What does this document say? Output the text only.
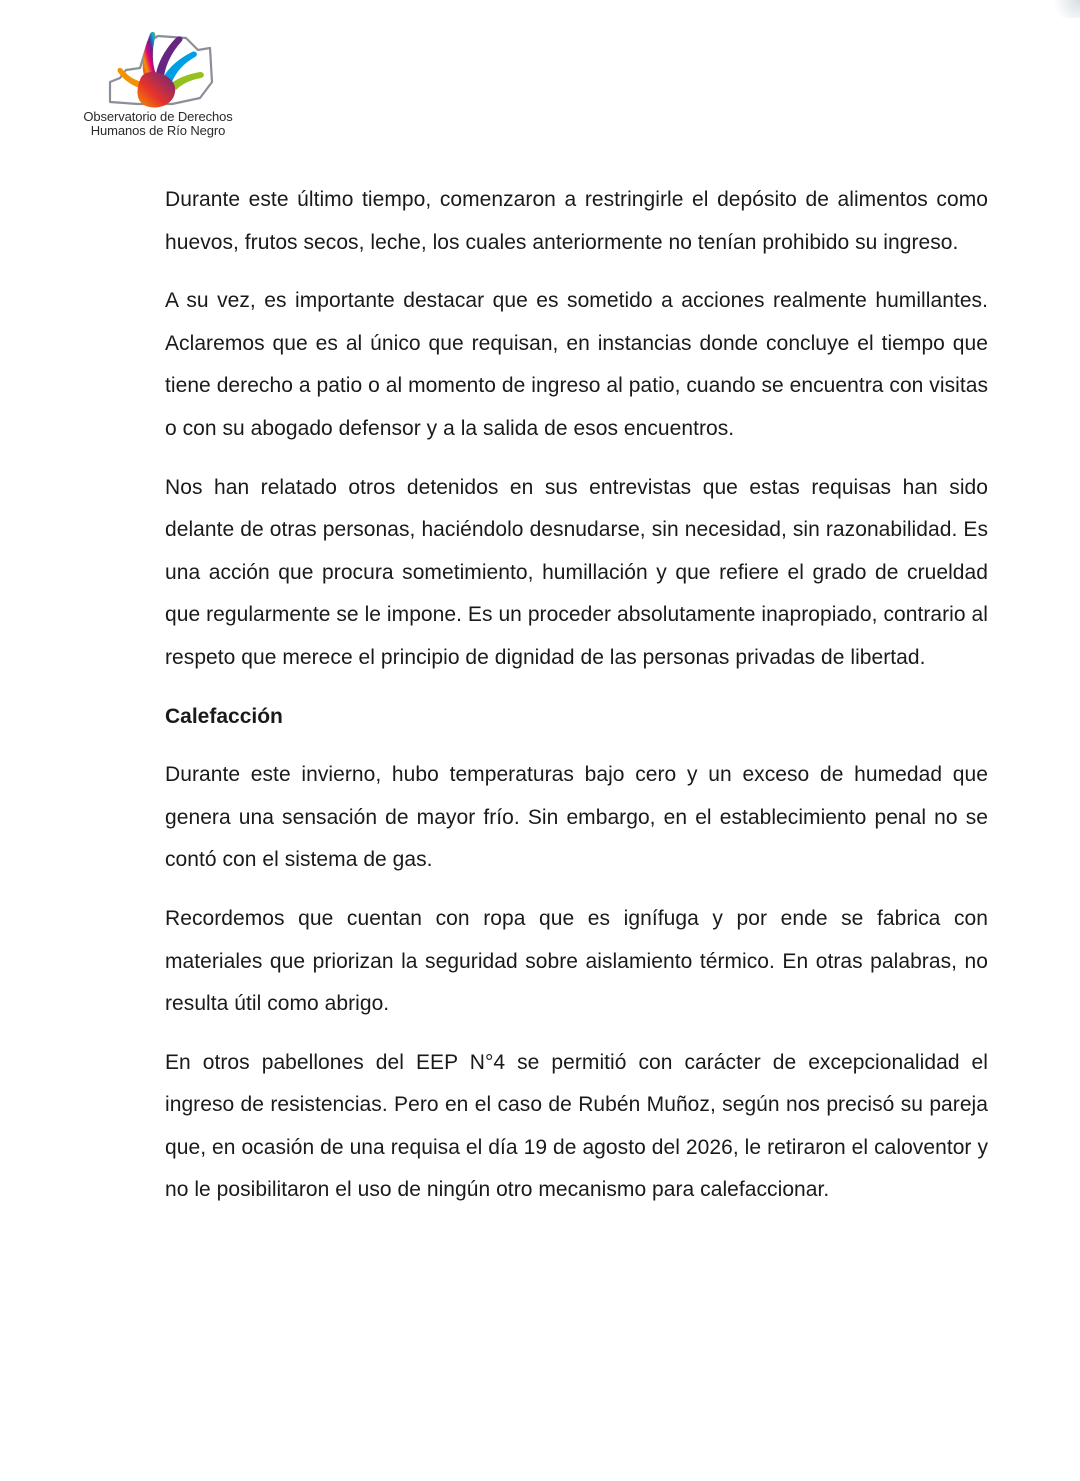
Observatorio de Derechos
Humanos de Río Negro

Durante este último tiempo, comenzaron a restringirle el depósito de alimentos como huevos, frutos secos, leche, los cuales anteriormente no tenían prohibido su ingreso.

A su vez, es importante destacar que es sometido a acciones realmente humillantes. Aclaremos que es al único que requisan, en instancias donde concluye el tiempo que tiene derecho a patio o al momento de ingreso al patio, cuando se encuentra con visitas o con su abogado defensor y a la salida de esos encuentros.

Nos han relatado otros detenidos en sus entrevistas que estas requisas han sido delante de otras personas, haciéndolo desnudarse, sin necesidad, sin razonabilidad. Es una acción que procura sometimiento, humillación y que refiere el grado de crueldad que regularmente se le impone. Es un proceder absolutamente inapropiado, contrario al respeto que merece el principio de dignidad de las personas privadas de libertad.

Calefacción

Durante este invierno, hubo temperaturas bajo cero y un exceso de humedad que genera una sensación de mayor frío. Sin embargo, en el establecimiento penal no se contó con el sistema de gas.

Recordemos que cuentan con ropa que es ignífuga y por ende se fabrica con materiales que priorizan la seguridad sobre aislamiento térmico. En otras palabras, no resulta útil como abrigo.

En otros pabellones del EEP N°4 se permitió con carácter de excepcionalidad el ingreso de resistencias. Pero en el caso de Rubén Muñoz, según nos precisó su pareja que, en ocasión de una requisa el día 19 de agosto del 2026, le retiraron el caloventor y no le posibilitaron el uso de ningún otro mecanismo para calefaccionar.
